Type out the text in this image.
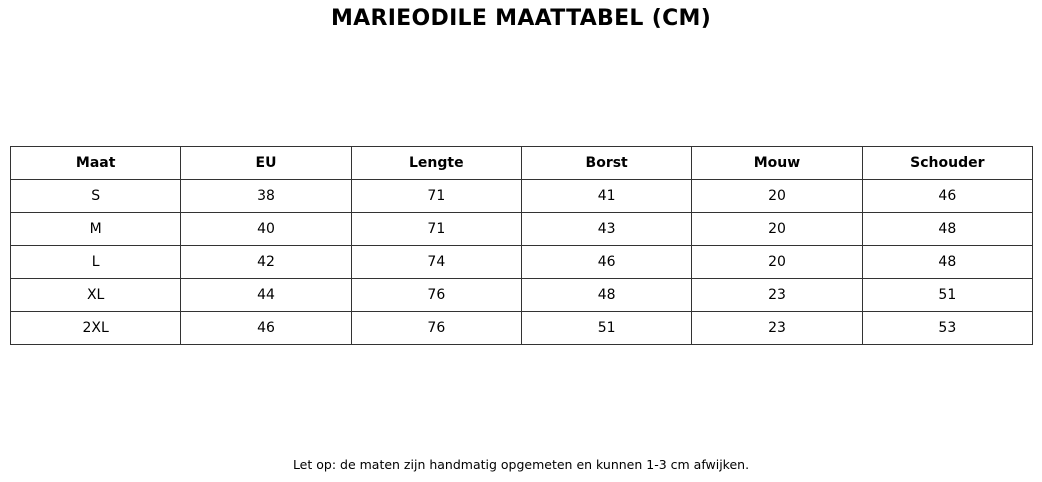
MARIEODILE MAATTABEL (CM)
Maat	EU	Lengte	Borst	Mouw	Schouder
S	38	71	41	20	46
M	40	71	43	20	48
L	42	74	46	20	48
XL	44	76	48	23	51
2XL	46	76	51	23	53
Let op: de maten zijn handmatig opgemeten en kunnen 1-3 cm afwijken.
